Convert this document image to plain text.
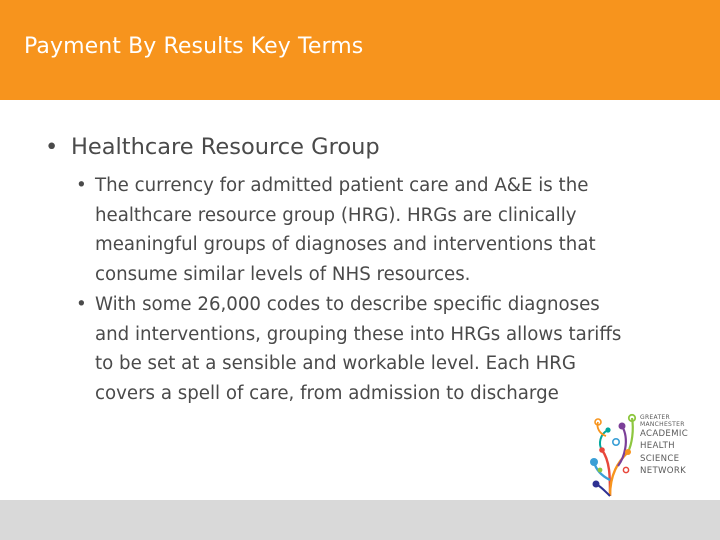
Payment By Results Key Terms
• Healthcare Resource Group
• The currency for admitted patient care and A&E is the
healthcare resource group (HRG). HRGs are clinically
meaningful groups of diagnoses and interventions that
consume similar levels of NHS resources.
• With some 26,000 codes to describe specific diagnoses
and interventions, grouping these into HRGs allows tariffs
to be set at a sensible and workable level. Each HRG
covers a spell of care, from admission to discharge
GREATER
MANCHESTER
ACADEMIC
HEALTH
SCIENCE
NETWORK
